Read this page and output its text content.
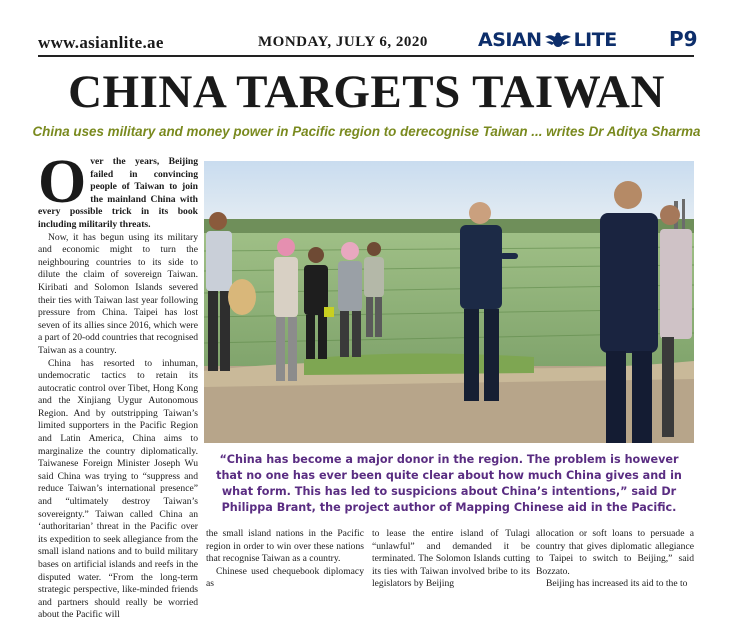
www.asianlite.ae	MONDAY, JULY 6, 2020	ASIAN LITE	P9
CHINA TARGETS TAIWAN
China uses military and money power in Pacific region to derecognise Taiwan ... writes Dr Aditya Sharma

Over the years, Beijing failed in convincing people of Taiwan to join the mainland China with every possible trick in its book including militarily threats.

Now, it has begun using its military and economic might to turn the neighbouring countries to its side to dilute the claim of sovereign Taiwan. Kiribati and Solomon Islands severed their ties with Taiwan last year following pressure from China. Taipei has lost seven of its allies since 2016, which were a part of 20-odd countries that recognised Taiwan as a country.

China has resorted to inhuman, undemocratic tactics to retain its autocratic control over Tibet, Hong Kong and the Xinjiang Uygur Autonomous Region. And by outstripping Taiwan’s limited supporters in the Pacific Region and Latin America, China aims to marginalize the country diplomatically. Taiwanese Foreign Minister Joseph Wu said China was trying to “suppress and reduce Taiwan’s international presence” and “ultimately destroy Taiwan’s sovereignty.” Taiwan called China an ‘authoritarian’ threat in the Pacific over its expedition to seek allegiance from the small island nations and to build military bases on artificial islands and reefs in the disputed water. “From the long-term strategic perspective, like-minded friends and partners should really be worried about the Pacific will

“China has become a major donor in the region. The problem is however that no one has ever been quite clear about how much China gives and in what form. This has led to suspicions about China’s intentions,” said Dr Philippa Brant, the project author of Mapping Chinese aid in the Pacific.

the small island nations in the Pacific region in order to win over these nations that recognise Taiwan as a country.

Chinese used chequebook diplomacy as

to lease the entire island of Tulagi “unlawful” and demanded it be terminated. The Solomon Islands cutting its ties with Taiwan involved bribe to its legislators by Beijing

allocation or soft loans to persuade a country that gives diplomatic allegiance to Taipei to switch to Beijing,” said Bozzato.

Beijing has increased its aid to the to
